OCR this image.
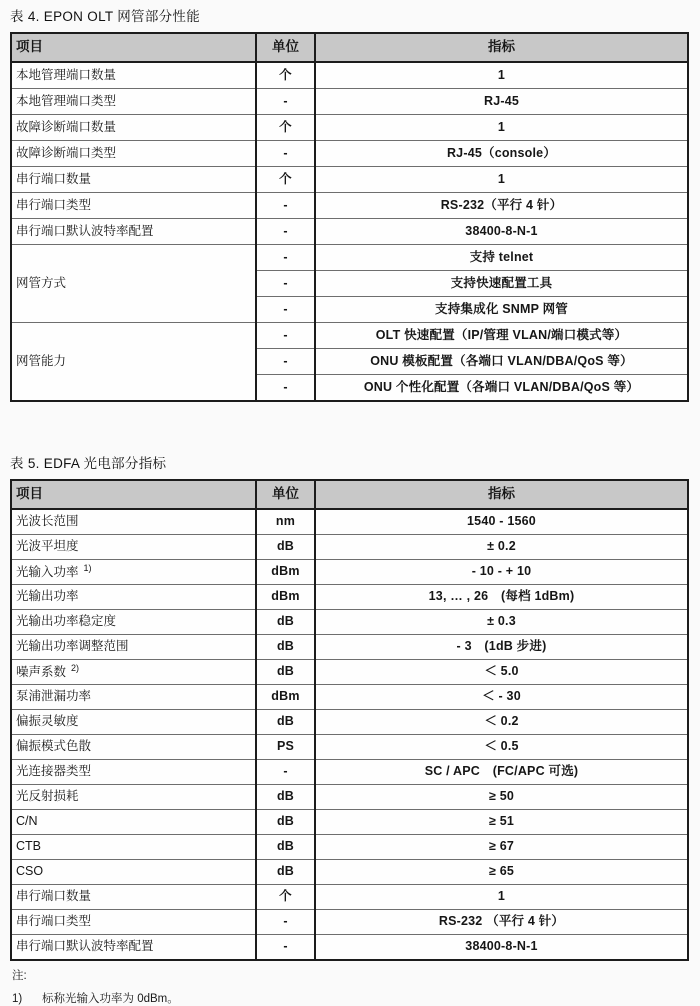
表 4. EPON OLT 网管部分性能
项目	单位	指标
本地管理端口数量	个	1
本地管理端口类型	-	RJ-45
故障诊断端口数量	个	1
故障诊断端口类型	-	RJ-45（console）
串行端口数量	个	1
串行端口类型	-	RS-232（平行 4 针）
串行端口默认波特率配置	-	38400-8-N-1
网管方式	-	支持 telnet
	-	支持快速配置工具
	-	支持集成化 SNMP 网管
网管能力	-	OLT 快速配置（IP/管理 VLAN/端口模式等）
	-	ONU 模板配置（各端口 VLAN/DBA/QoS 等）
	-	ONU 个性化配置（各端口 VLAN/DBA/QoS 等）
表 5. EDFA 光电部分指标
项目	单位	指标
光波长范围	nm	1540 - 1560
光波平坦度	dB	± 0.2
光输入功率 $^{1)}$	dBm	- 10 - + 10
光输出功率	dBm	13, … , 26　(每档 1dBm)
光输出功率稳定度	dB	± 0.3
光输出功率调整范围	dB	- 3　(1dB 步进)
噪声系数 $^{2)}$	dB	＜ 5.0
泵浦泄漏功率	dBm	＜ - 30
偏振灵敏度	dB	＜ 0.2
偏振模式色散	PS	＜ 0.5
光连接器类型	-	SC / APC　(FC/APC 可选)
光反射损耗	dB	≥ 50
C/N	dB	≥ 51
CTB	dB	≥ 67
CSO	dB	≥ 65
串行端口数量	个	1
串行端口类型	-	RS-232 （平行 4 针）
串行端口默认波特率配置	-	38400-8-N-1
注:
1) 标称光输入功率为 0dBm。
